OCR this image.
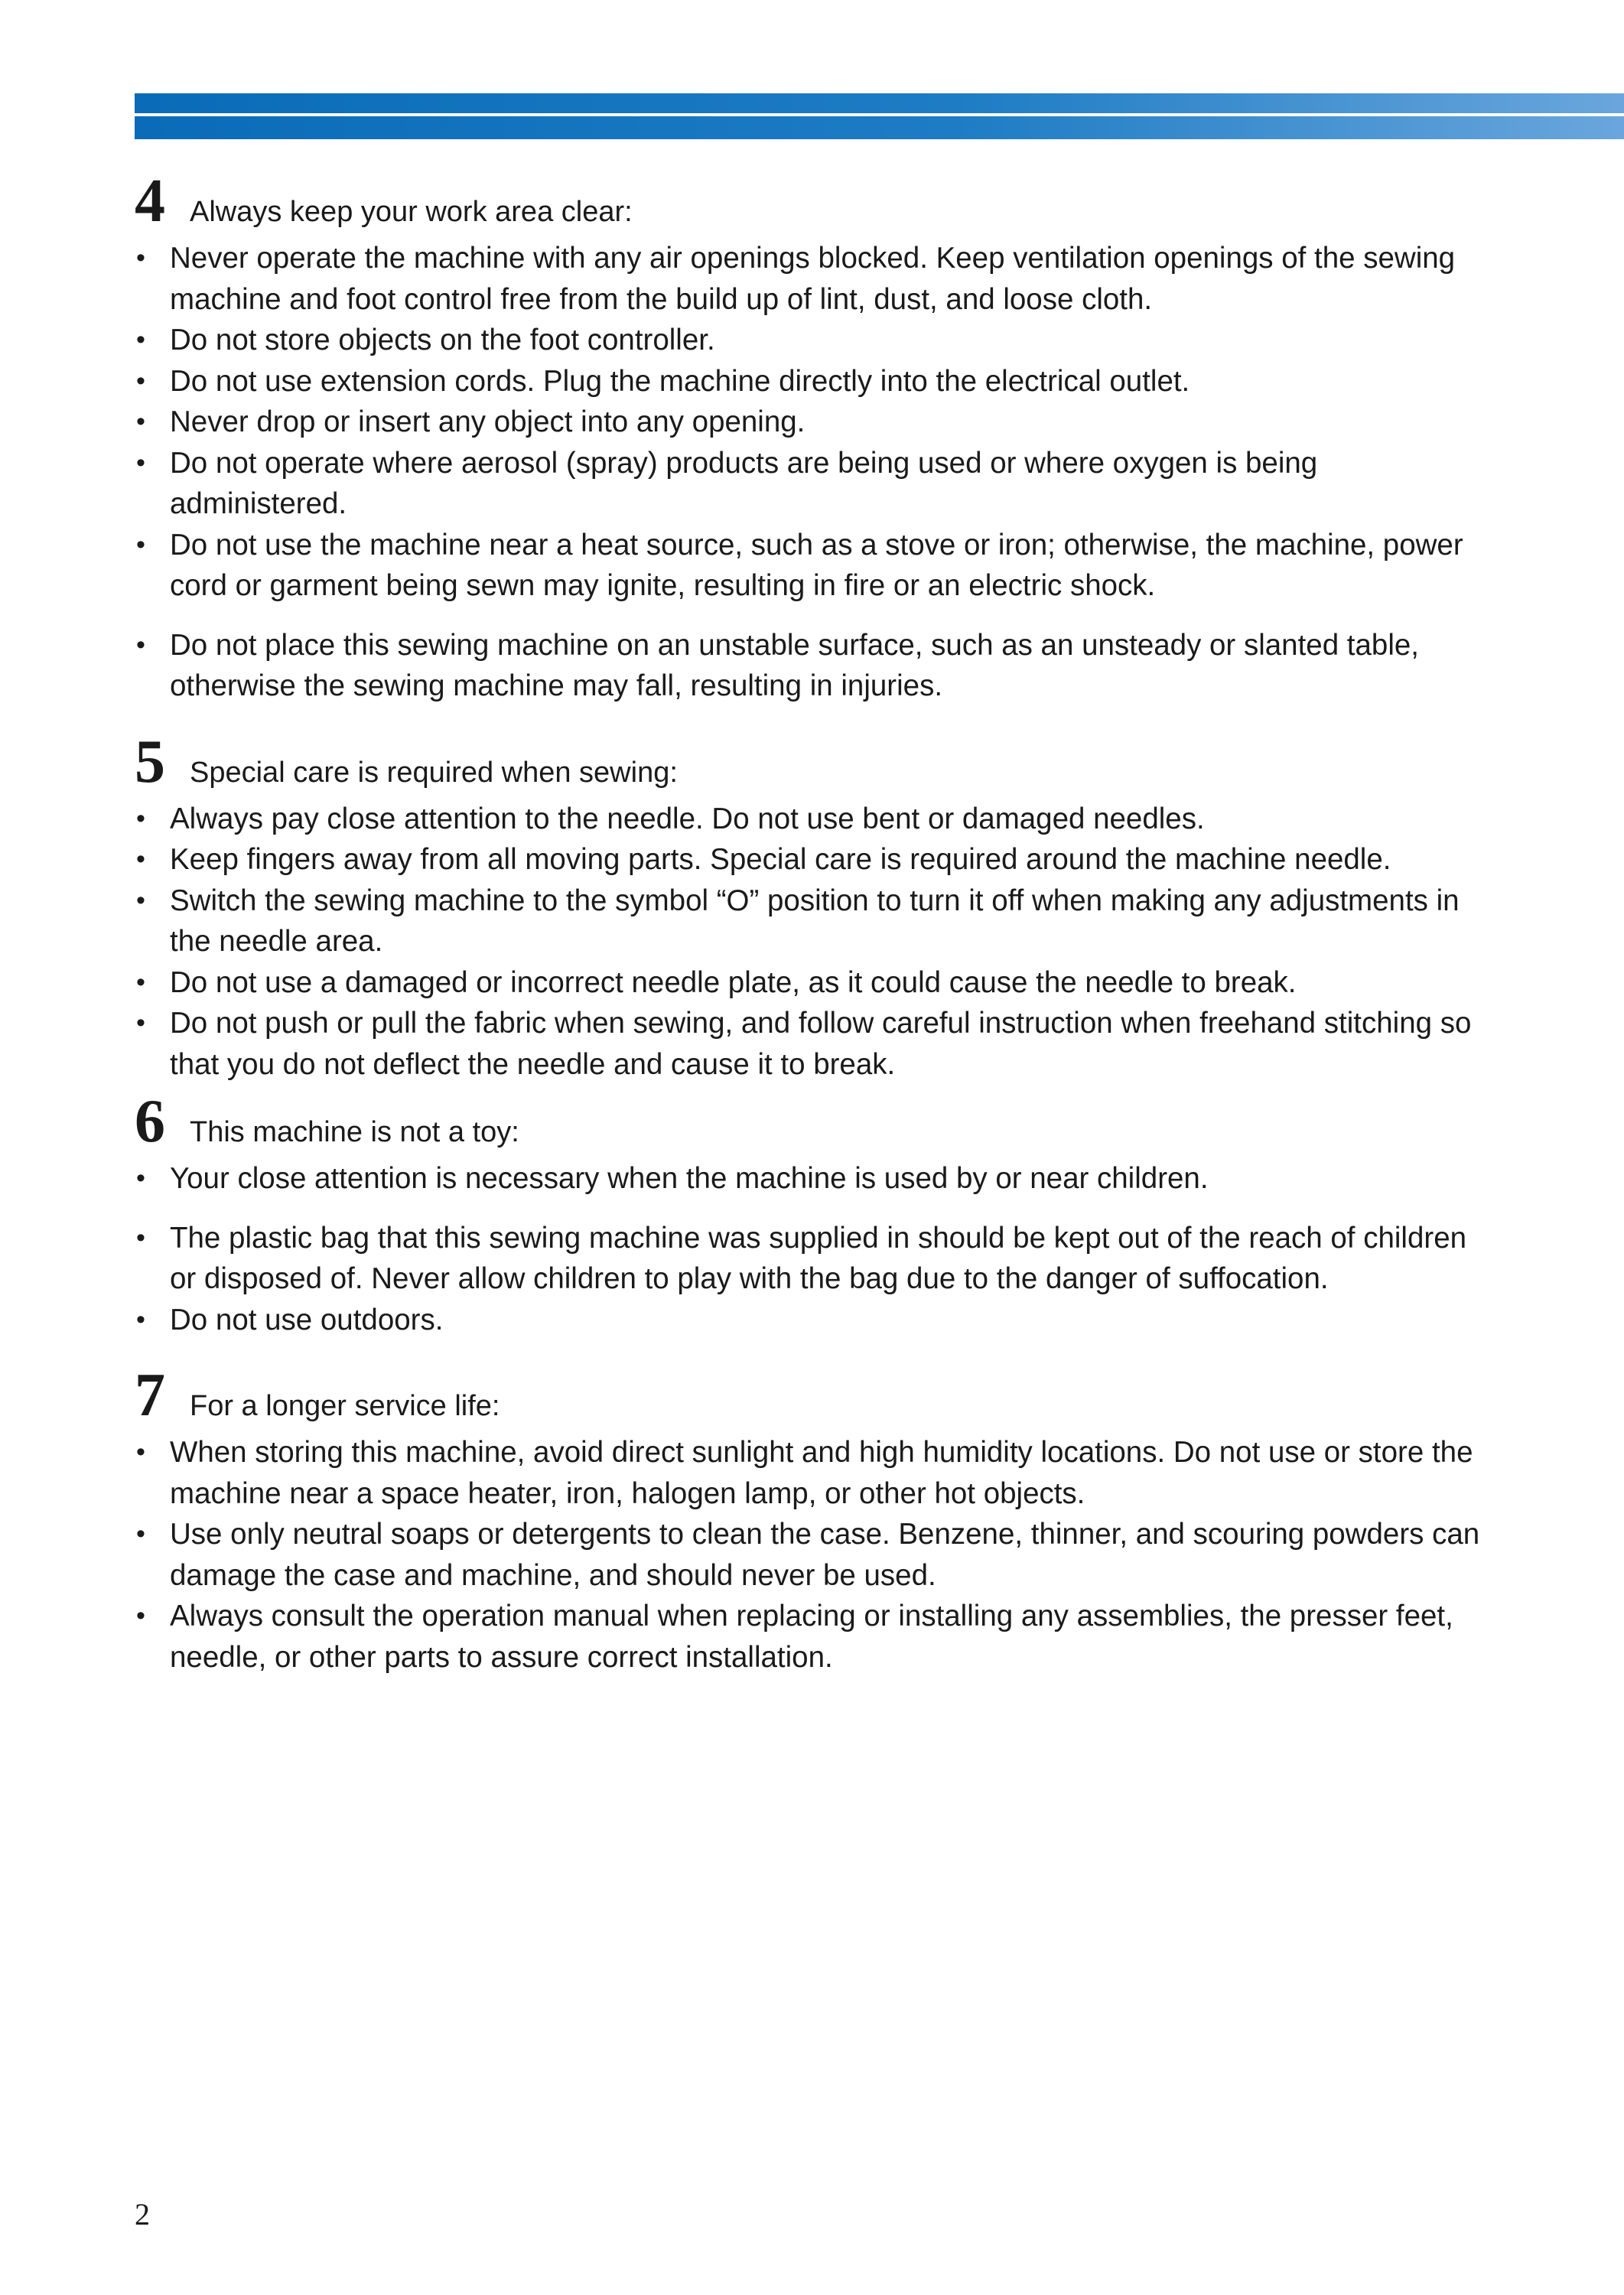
4 Always keep your work area clear:
• Never operate the machine with any air openings blocked. Keep ventilation openings of the sewing machine and foot control free from the build up of lint, dust, and loose cloth.
• Do not store objects on the foot controller.
• Do not use extension cords. Plug the machine directly into the electrical outlet.
• Never drop or insert any object into any opening.
• Do not operate where aerosol (spray) products are being used or where oxygen is being administered.
• Do not use the machine near a heat source, such as a stove or iron; otherwise, the machine, power cord or garment being sewn may ignite, resulting in fire or an electric shock.
• Do not place this sewing machine on an unstable surface, such as an unsteady or slanted table, otherwise the sewing machine may fall, resulting in injuries.
5 Special care is required when sewing:
• Always pay close attention to the needle. Do not use bent or damaged needles.
• Keep fingers away from all moving parts. Special care is required around the machine needle.
• Switch the sewing machine to the symbol “O” position to turn it off when making any adjustments in the needle area.
• Do not use a damaged or incorrect needle plate, as it could cause the needle to break.
• Do not push or pull the fabric when sewing, and follow careful instruction when freehand stitching so that you do not deflect the needle and cause it to break.
6 This machine is not a toy:
• Your close attention is necessary when the machine is used by or near children.
• The plastic bag that this sewing machine was supplied in should be kept out of the reach of children or disposed of. Never allow children to play with the bag due to the danger of suffocation.
• Do not use outdoors.
7 For a longer service life:
• When storing this machine, avoid direct sunlight and high humidity locations. Do not use or store the machine near a space heater, iron, halogen lamp, or other hot objects.
• Use only neutral soaps or detergents to clean the case. Benzene, thinner, and scouring powders can damage the case and machine, and should never be used.
• Always consult the operation manual when replacing or installing any assemblies, the presser feet, needle, or other parts to assure correct installation.
2
